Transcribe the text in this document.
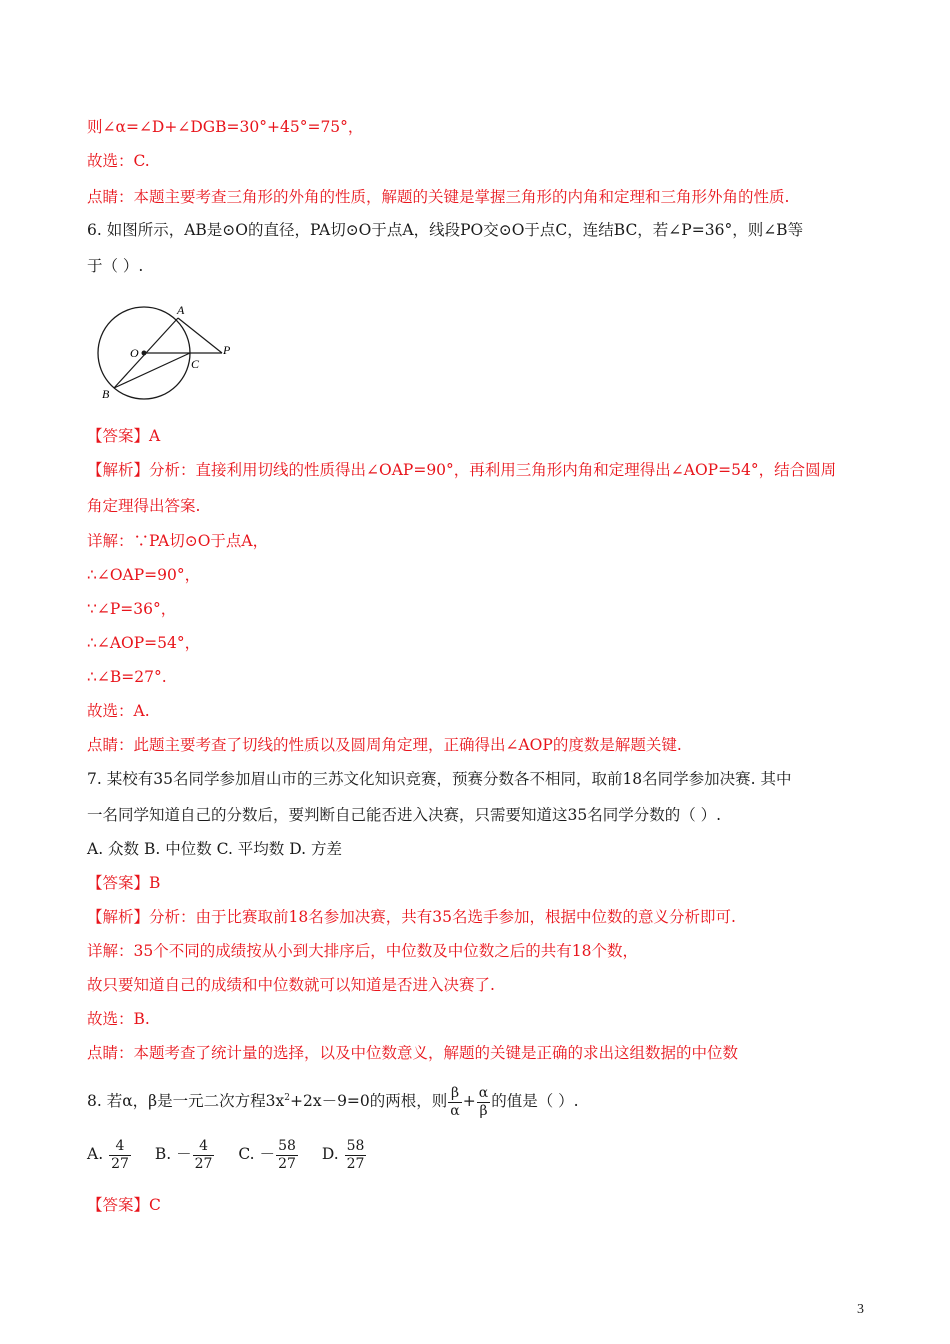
则∠α=∠D+∠DGB=30°+45°=75°，
故选：C.
点睛：本题主要考查三角形的外角的性质，解题的关键是掌握三角形的内角和定理和三角形外角的性质.
6. 如图所示，AB是⊙O的直径，PA切⊙O于点A，线段PO交⊙O于点C，连结BC，若∠P=36°，则∠B等
于（ ）.
A
O
C
P
B
【答案】A
【解析】分析：直接利用切线的性质得出∠OAP=90°，再利用三角形内角和定理得出∠AOP=54°，结合圆周
角定理得出答案.
详解：∵PA切⊙O于点A，
∴∠OAP=90°，
∵∠P=36°，
∴∠AOP=54°，
∴∠B=27°.
故选：A.
点睛：此题主要考查了切线的性质以及圆周角定理，正确得出∠AOP的度数是解题关键.
7. 某校有35名同学参加眉山市的三苏文化知识竞赛，预赛分数各不相同，取前18名同学参加决赛. 其中
一名同学知道自己的分数后，要判断自己能否进入决赛，只需要知道这35名同学分数的（ ）.
A. 众数 B. 中位数 C. 平均数 D. 方差
【答案】B
【解析】分析：由于比赛取前18名参加决赛，共有35名选手参加，根据中位数的意义分析即可.
详解：35个不同的成绩按从小到大排序后，中位数及中位数之后的共有18个数，
故只要知道自己的成绩和中位数就可以知道是否进入决赛了.
故选：B.
点睛：本题考查了统计量的选择，以及中位数意义，解题的关键是正确的求出这组数据的中位数
8. 若α，β是一元二次方程$3x^2+2x-9=0$的两根，则 $\frac{\beta}{\alpha} + \frac{\alpha}{\beta}$ 的值是（ ）.
A. $\frac{4}{27} B$. － $\frac{4}{27} C$. － $\frac{58}{27} D$. $\frac{58}{27}$
【答案】C
3
